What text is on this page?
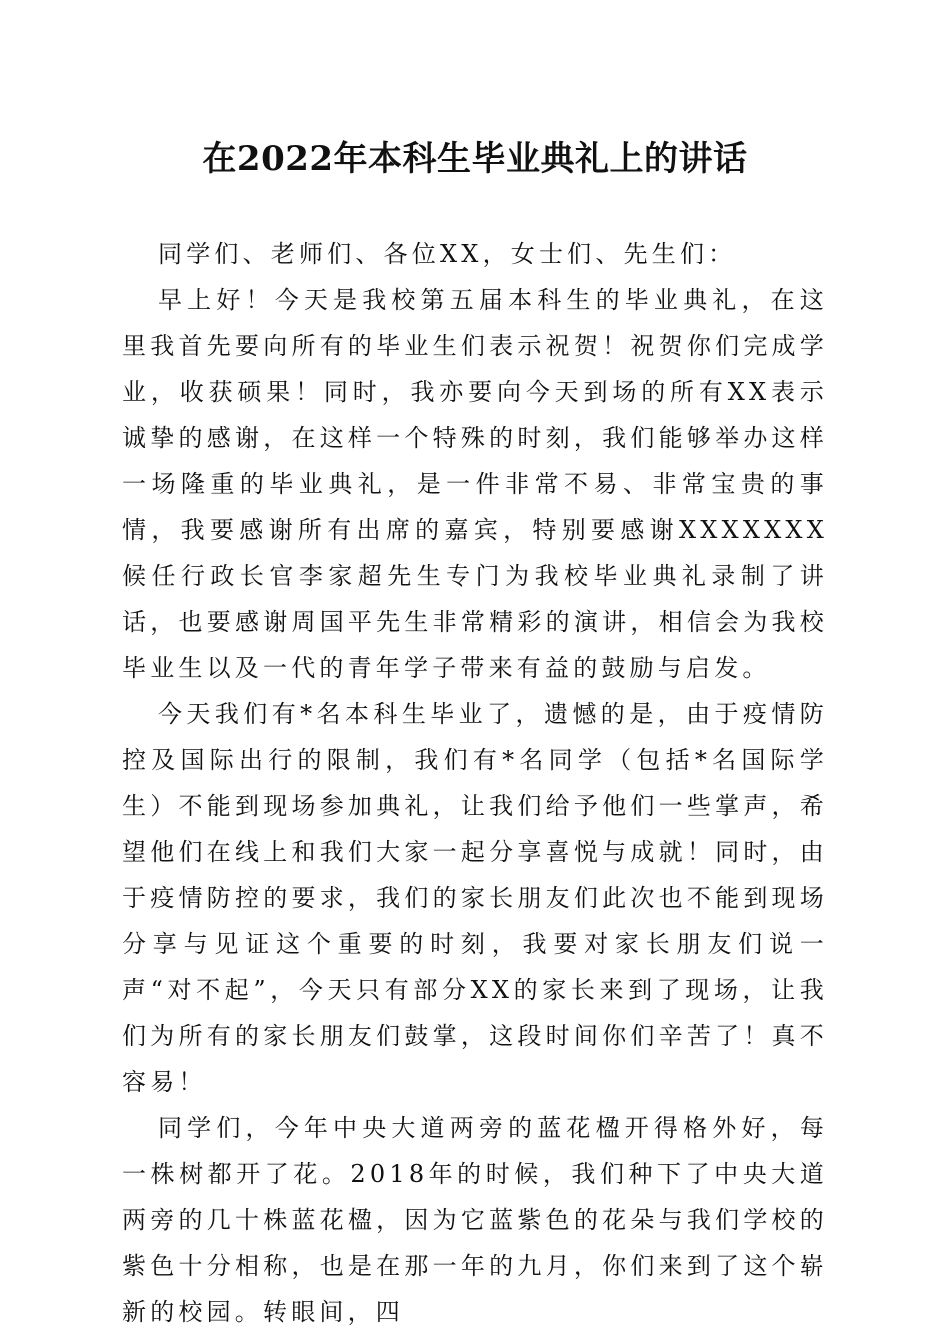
在2022年本科生毕业典礼上的讲话

同学们、老师们、各位XX，女士们、先生们：

早上好！今天是我校第五届本科生的毕业典礼，在这里我首先要向所有的毕业生们表示祝贺！祝贺你们完成学业，收获硕果！同时，我亦要向今天到场的所有XX表示诚挚的感谢，在这样一个特殊的时刻，我们能够举办这样一场隆重的毕业典礼，是一件非常不易、非常宝贵的事情，我要感谢所有出席的嘉宾，特别要感谢XXXXXXX候任行政长官李家超先生专门为我校毕业典礼录制了讲话，也要感谢周国平先生非常精彩的演讲，相信会为我校毕业生以及一代的青年学子带来有益的鼓励与启发。

今天我们有*名本科生毕业了，遗憾的是，由于疫情防控及国际出行的限制，我们有*名同学（包括*名国际学生）不能到现场参加典礼，让我们给予他们一些掌声，希望他们在线上和我们大家一起分享喜悦与成就！同时，由于疫情防控的要求，我们的家长朋友们此次也不能到现场分享与见证这个重要的时刻，我要对家长朋友们说一声“对不起”，今天只有部分XX的家长来到了现场，让我们为所有的家长朋友们鼓掌，这段时间你们辛苦了！真不容易！

同学们，今年中央大道两旁的蓝花楹开得格外好，每一株树都开了花。2018年的时候，我们种下了中央大道两旁的几十株蓝花楹，因为它蓝紫色的花朵与我们学校的紫色十分相称，也是在那一年的九月，你们来到了这个崭新的校园。转眼间，四
